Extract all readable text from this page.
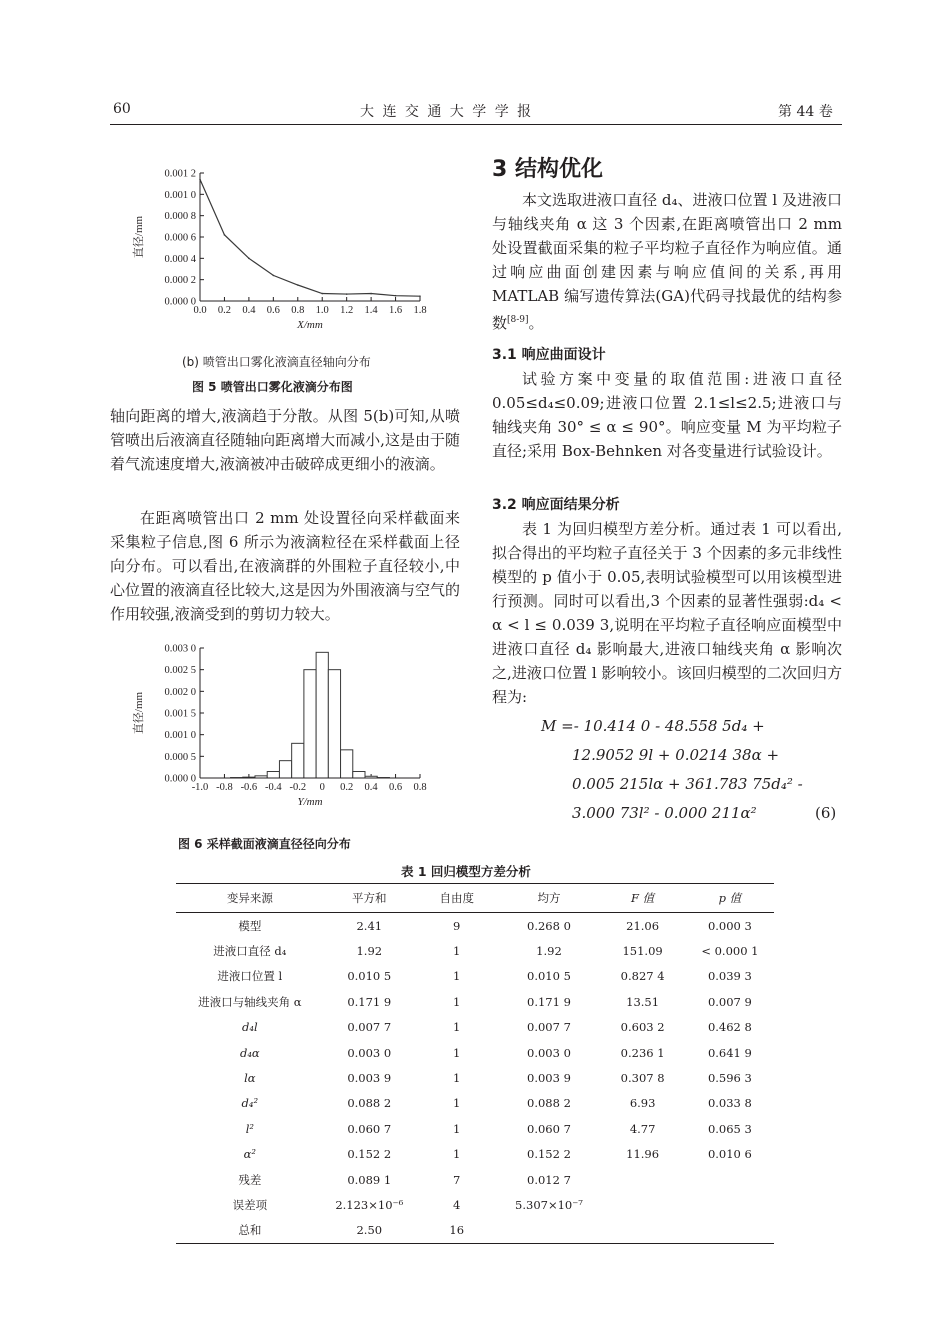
60	大 连 交 通 大 学 学 报	第 44 卷
0.000 0
0.000 2
0.000 4
0.000 6
0.000 8
0.001 0
0.001 2
0.0 0.2 0.4 0.6 0.8 1.0 1.2 1.4 1.6 1.8
X/mm
直径/mm
(b) 喷管出口雾化液滴直径轴向分布
图 5 喷管出口雾化液滴分布图

轴向距离的增大,液滴趋于分散。从图 5(b)可知,从喷管喷出后液滴直径随轴向距离增大而减小,这是由于随着气流速度增大,液滴被冲击破碎成更细小的液滴。

在距离喷管出口 2 mm 处设置径向采样截面来采集粒子信息,图 6 所示为液滴粒径在采样截面上径向分布。可以看出,在液滴群的外围粒子直径较小,中心位置的液滴直径比较大,这是因为外围液滴与空气的作用较强,液滴受到的剪切力较大。

0.000 0
0.000 5
0.001 0
0.001 5
0.002 0
0.002 5
0.003 0
-1.0 -0.8 -0.6 -0.4 -0.2 0 0.2 0.4 0.6 0.8
Y/mm
直径/mm
图 6 采样截面液滴直径径向分布
3 结构优化

本文选取进液口直径 d₄、进液口位置 l 及进液口与轴线夹角 α 这 3 个因素,在距离喷管出口 2 mm 处设置截面采集的粒子平均粒子直径作为响应值。通过响应曲面创建因素与响应值间的关系,再用 MATLAB 编写遗传算法(GA)代码寻找最优的结构参数[8-9]。

3.1 响应曲面设计

试验方案中变量的取值范围:进液口直径 0.05≤d₄≤0.09;进液口位置 2.1≤l≤2.5;进液口与轴线夹角 30° ≤ α ≤ 90°。响应变量 M 为平均粒子直径;采用 Box-Behnken 对各变量进行试验设计。

3.2 响应面结果分析

表 1 为回归模型方差分析。通过表 1 可以看出,拟合得出的平均粒子直径关于 3 个因素的多元非线性模型的 p 值小于 0.05,表明试验模型可以用该模型进行预测。同时可以看出,3 个因素的显著性强弱:d₄ < α < l ≤ 0.039 3,说明在平均粒子直径响应面模型中进液口直径 d₄ 影响最大,进液口轴线夹角 α 影响次之,进液口位置 l 影响较小。该回归模型的二次回归方程为:

M =- 10.414 0 - 48.558 5d₄ +
12.9052 9l + 0.0214 38α +
0.005 215lα + 361.783 75d₄² -
3.000 73l² - 0.000 211α²	(6)
表 1 回归模型方差分析
变异来源	平方和	自由度	均方	F 值	p 值
模型	2.41	9	0.268 0	21.06	0.000 3
进液口直径 d₄	1.92	1	1.92	151.09	< 0.000 1
进液口位置 l	0.010 5	1	0.010 5	0.827 4	0.039 3
进液口与轴线夹角 α	0.171 9	1	0.171 9	13.51	0.007 9
d₄l	0.007 7	1	0.007 7	0.603 2	0.462 8
d₄α	0.003 0	1	0.003 0	0.236 1	0.641 9
lα	0.003 9	1	0.003 9	0.307 8	0.596 3
d₄²	0.088 2	1	0.088 2	6.93	0.033 8
l²	0.060 7	1	0.060 7	4.77	0.065 3
α²	0.152 2	1	0.152 2	11.96	0.010 6
残差	0.089 1	7	0.012 7		
误差项	2.123×10⁻⁶	4	5.307×10⁻⁷		
总和	2.50	16			
